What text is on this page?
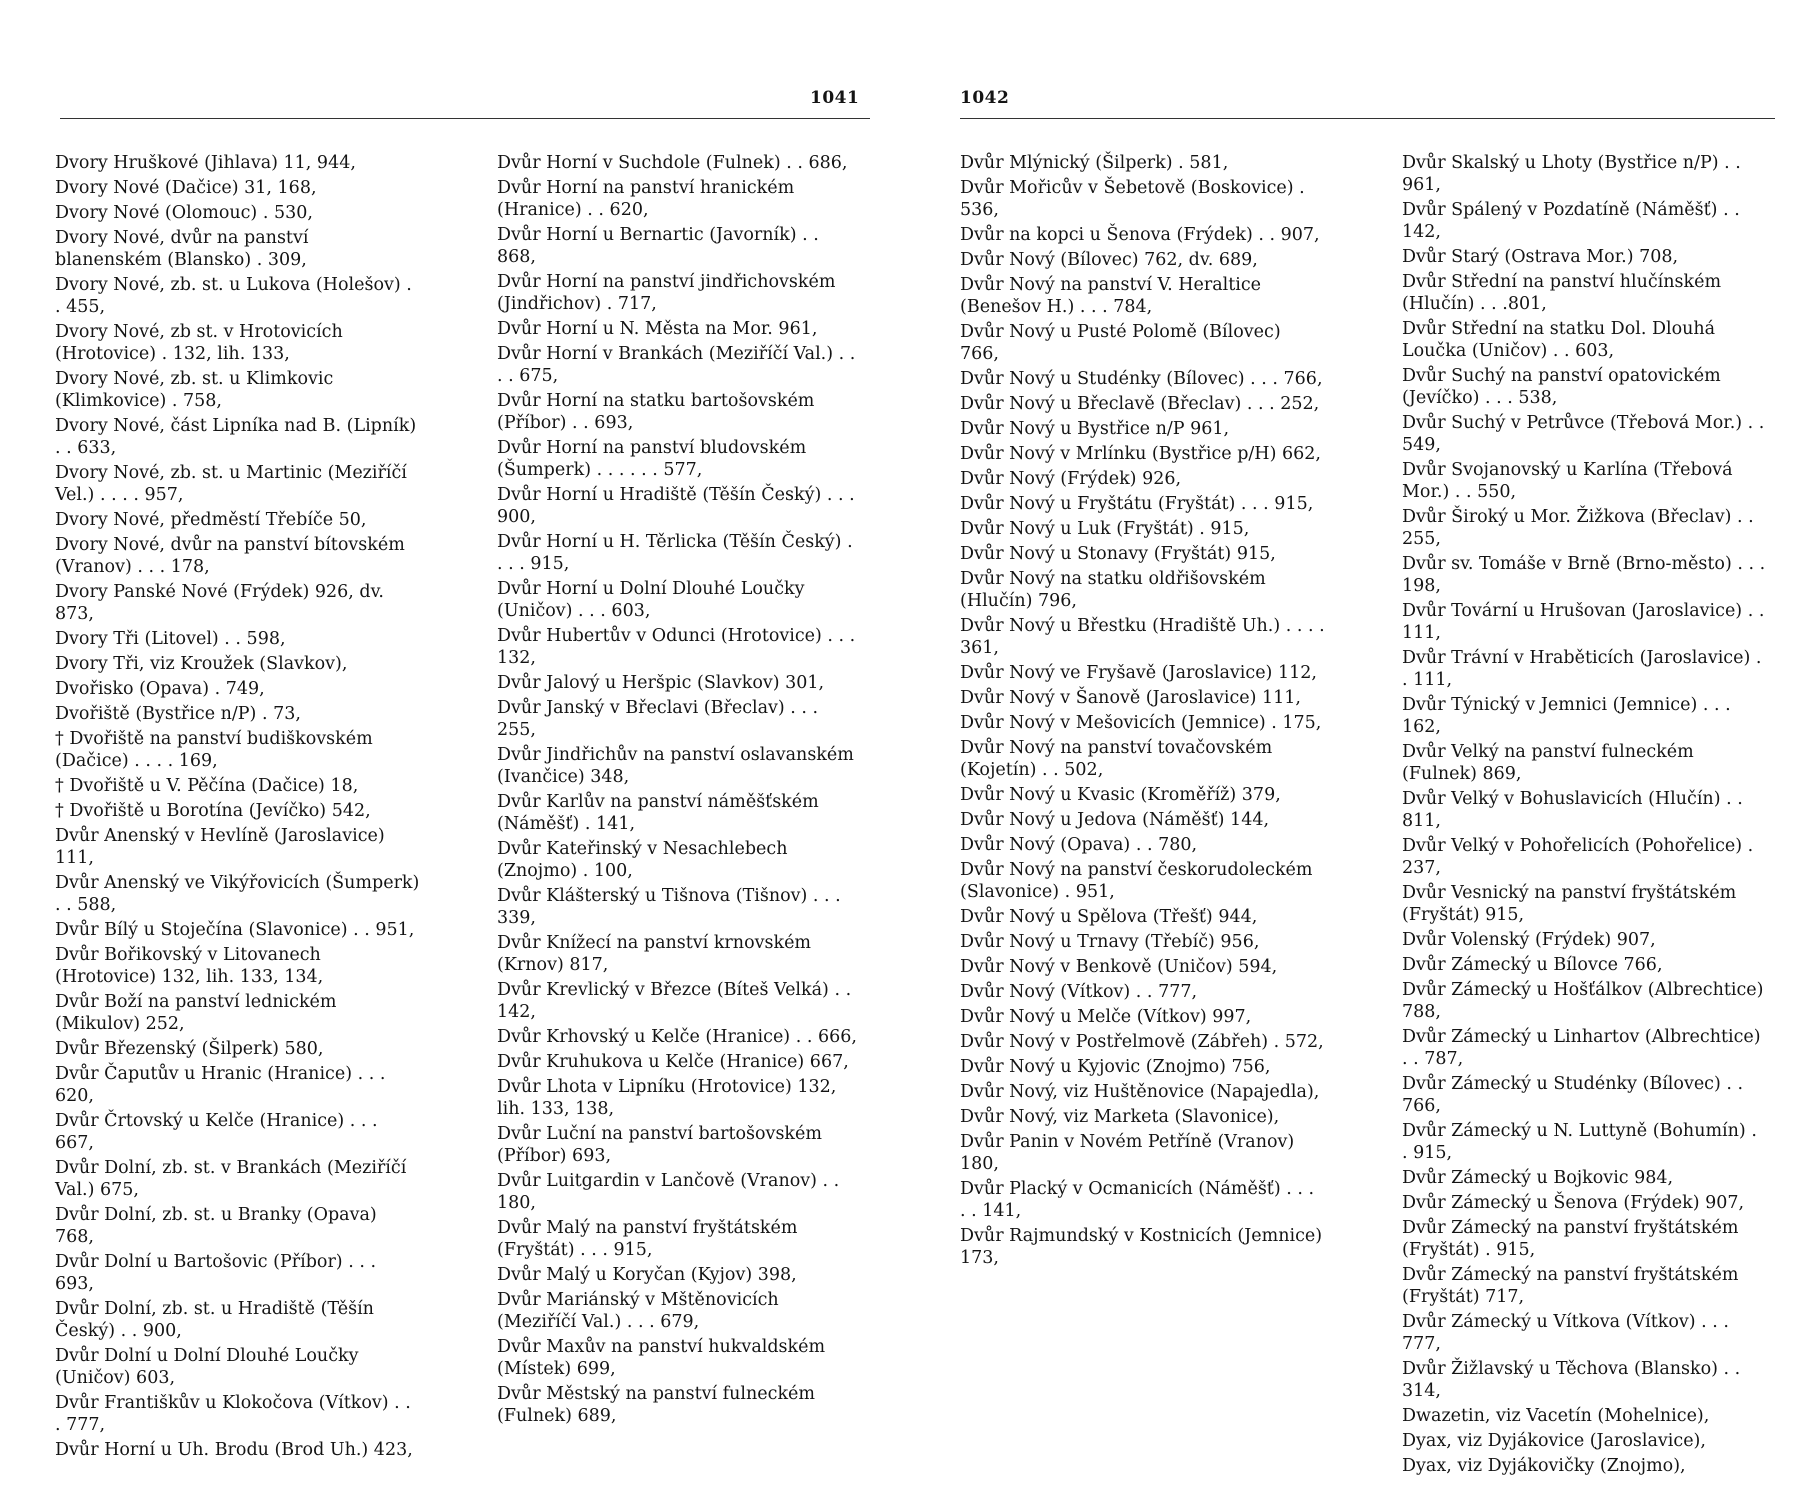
1041
Dvory Hruškové (Jihlava) 11, 944,
Dvory Nové (Dačice) 31, 168,
Dvory Nové (Olomouc) . 530,
Dvory Nové, dvůr na panství blanenském (Blansko) . 309,
Dvory Nové, zb. st. u Lukova (Holešov) . . 455,
Dvory Nové, zb st. v Hrotovicích (Hrotovice) . 132, lih. 133,
Dvory Nové, zb. st. u Klimkovic (Klimkovice) . 758,
Dvory Nové, část Lipníka nad B. (Lipník) . . 633,
Dvory Nové, zb. st. u Martinic (Meziříčí Vel.) . . . . 957,
Dvory Nové, předměstí Třebíče 50,
Dvory Nové, dvůr na panství bítovském (Vranov) . . . 178,
Dvory Panské Nové (Frýdek) 926, dv. 873,
Dvory Tři (Litovel) . . 598,
Dvory Tři, viz Kroužek (Slavkov),
Dvořisko (Opava) . 749,
Dvořiště (Bystřice n/P) . 73,
† Dvořiště na panství budiškovském (Dačice) . . . . 169,
† Dvořiště u V. Pěčína (Dačice) 18,
† Dvořiště u Borotína (Jevíčko) 542,
Dvůr Anenský v Hevlíně (Jaroslavice) 111,
Dvůr Anenský ve Vikýřovicích (Šumperk) . . 588,
Dvůr Bílý u Stoječína (Slavonice) . . 951,
Dvůr Bořikovský v Litovanech (Hrotovice) 132, lih. 133, 134,
Dvůr Boží na panství lednickém (Mikulov) 252,
Dvůr Březenský (Šilperk) 580,
Dvůr Čaputův u Hranic (Hranice) . . . 620,
Dvůr Črtovský u Kelče (Hranice) . . . 667,
Dvůr Dolní, zb. st. v Brankách (Meziříčí Val.) 675,
Dvůr Dolní, zb. st. u Branky (Opava) 768,
Dvůr Dolní u Bartošovic (Příbor) . . . 693,
Dvůr Dolní, zb. st. u Hradiště (Těšín Český) . . 900,
Dvůr Dolní u Dolní Dlouhé Loučky (Uničov) 603,
Dvůr Františkův u Klokočova (Vítkov) . . . 777,
Dvůr Horní u Uh. Brodu (Brod Uh.) 423,
Dvůr Horní v Suchdole (Fulnek) . . 686,
Dvůr Horní na panství hranickém (Hranice) . . 620,
Dvůr Horní u Bernartic (Javorník) . . 868,
Dvůr Horní na panství jindřichovském (Jindřichov) . 717,
Dvůr Horní u N. Města na Mor. 961,
Dvůr Horní v Brankách (Meziříčí Val.) . . . . 675,
Dvůr Horní na statku bartošovském (Příbor) . . 693,
Dvůr Horní na panství bludovském (Šumperk) . . . . . . 577,
Dvůr Horní u Hradiště (Těšín Český) . . . 900,
Dvůr Horní u H. Těrlicka (Těšín Český) . . . . 915,
Dvůr Horní u Dolní Dlouhé Loučky (Uničov) . . . 603,
Dvůr Hubertův v Odunci (Hrotovice) . . . 132,
Dvůr Jalový u Heršpic (Slavkov) 301,
Dvůr Janský v Břeclavi (Břeclav) . . . 255,
Dvůr Jindřichův na panství oslavanském (Ivančice) 348,
Dvůr Karlův na panství náměšťském (Náměšť) . 141,
Dvůr Kateřinský v Nesachlebech (Znojmo) . 100,
Dvůr Klášterský u Tišnova (Tišnov) . . . 339,
Dvůr Knížecí na panství krnovském (Krnov) 817,
Dvůr Krevlický v Březce (Bíteš Velká) . . 142,
Dvůr Krhovský u Kelče (Hranice) . . 666,
Dvůr Kruhukova u Kelče (Hranice) 667,
Dvůr Lhota v Lipníku (Hrotovice) 132, lih. 133, 138,
Dvůr Luční na panství bartošovském (Příbor) 693,
Dvůr Luitgardin v Lančově (Vranov) . . 180,
Dvůr Malý na panství fryštátském (Fryštát) . . . 915,
Dvůr Malý u Koryčan (Kyjov) 398,
Dvůr Mariánský v Mštěnovicích (Meziříčí Val.) . . . 679,
Dvůr Maxův na panství hukvaldském (Místek) 699,
Dvůr Městský na panství fulneckém (Fulnek) 689,
1042
Dvůr Mlýnický (Šilperk) . 581,
Dvůr Mořicův v Šebetově (Boskovice) . 536,
Dvůr na kopci u Šenova (Frýdek) . . 907,
Dvůr Nový (Bílovec) 762, dv. 689,
Dvůr Nový na panství V. Heraltice (Benešov H.) . . . 784,
Dvůr Nový u Pusté Polomě (Bílovec) 766,
Dvůr Nový u Studénky (Bílovec) . . . 766,
Dvůr Nový u Břeclavě (Břeclav) . . . 252,
Dvůr Nový u Bystřice n/P 961,
Dvůr Nový v Mrlínku (Bystřice p/H) 662,
Dvůr Nový (Frýdek) 926,
Dvůr Nový u Fryštátu (Fryštát) . . . 915,
Dvůr Nový u Luk (Fryštát) . 915,
Dvůr Nový u Stonavy (Fryštát) 915,
Dvůr Nový na statku oldřišovském (Hlučín) 796,
Dvůr Nový u Břestku (Hradiště Uh.) . . . . 361,
Dvůr Nový ve Fryšavě (Jaroslavice) 112,
Dvůr Nový v Šanově (Jaroslavice) 111,
Dvůr Nový v Mešovicích (Jemnice) . 175,
Dvůr Nový na panství tovačovském (Kojetín) . . 502,
Dvůr Nový u Kvasic (Kroměříž) 379,
Dvůr Nový u Jedova (Náměšť) 144,
Dvůr Nový (Opava) . . 780,
Dvůr Nový na panství českorudoleckém (Slavonice) . 951,
Dvůr Nový u Spělova (Třešť) 944,
Dvůr Nový u Trnavy (Třebíč) 956,
Dvůr Nový v Benkově (Uničov) 594,
Dvůr Nový (Vítkov) . . 777,
Dvůr Nový u Melče (Vítkov) 997,
Dvůr Nový v Postřelmově (Zábřeh) . 572,
Dvůr Nový u Kyjovic (Znojmo) 756,
Dvůr Nový, viz Huštěnovice (Napajedla),
Dvůr Nový, viz Marketa (Slavonice),
Dvůr Panin v Novém Petříně (Vranov) 180,
Dvůr Placký v Ocmanicích (Náměšť) . . . . . 141,
Dvůr Rajmundský v Kostnicích (Jemnice) 173,
Dvůr Skalský u Lhoty (Bystřice n/P) . . 961,
Dvůr Spálený v Pozdatíně (Náměšť) . . 142,
Dvůr Starý (Ostrava Mor.) 708,
Dvůr Střední na panství hlučínském (Hlučín) . . .801,
Dvůr Střední na statku Dol. Dlouhá Loučka (Uničov) . . 603,
Dvůr Suchý na panství opatovickém (Jevíčko) . . . 538,
Dvůr Suchý v Petrůvce (Třebová Mor.) . . 549,
Dvůr Svojanovský u Karlína (Třebová Mor.) . . 550,
Dvůr Široký u Mor. Žižkova (Břeclav) . . 255,
Dvůr sv. Tomáše v Brně (Brno-město) . . . 198,
Dvůr Tovární u Hrušovan (Jaroslavice) . . 111,
Dvůr Trávní v Hraběticích (Jaroslavice) . . 111,
Dvůr Týnický v Jemnici (Jemnice) . . . 162,
Dvůr Velký na panství fulneckém (Fulnek) 869,
Dvůr Velký v Bohuslavicích (Hlučín) . . 811,
Dvůr Velký v Pohořelicích (Pohořelice) . 237,
Dvůr Vesnický na panství fryštátském (Fryštát) 915,
Dvůr Volenský (Frýdek) 907,
Dvůr Zámecký u Bílovce 766,
Dvůr Zámecký u Hošťálkov (Albrechtice) 788,
Dvůr Zámecký u Linhartov (Albrechtice) . . 787,
Dvůr Zámecký u Studénky (Bílovec) . . 766,
Dvůr Zámecký u N. Luttyně (Bohumín) . . 915,
Dvůr Zámecký u Bojkovic 984,
Dvůr Zámecký u Šenova (Frýdek) 907,
Dvůr Zámecký na panství fryštátském (Fryštát) . 915,
Dvůr Zámecký na panství fryštátském (Fryštát) 717,
Dvůr Zámecký u Vítkova (Vítkov) . . . 777,
Dvůr Žižlavský u Těchova (Blansko) . . 314,
Dwazetin, viz Vacetín (Mohelnice),
Dyax, viz Dyjákovice (Jaroslavice),
Dyax, viz Dyjákovičky (Znojmo),
